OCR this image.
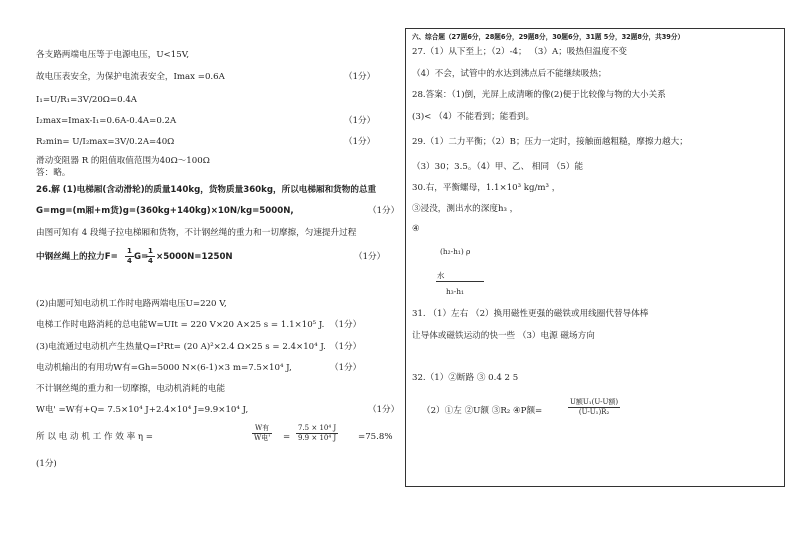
各支路两端电压等于电源电压，U<15V,
故电压表安全，为保护电流表安全，Imax =0.6A	（1分）
I₁=U/R₁=3V/20Ω=0.4A
I₂max=Imax-I₁=0.6A-0.4A=0.2A	（1分）
R₂min= U/I₂max=3V/0.2A=40Ω	（1分）
滑动变阻器 R 的阻值取值范围为40Ω～100Ω
答：略。
26.解 (1)电梯厢(含动滑轮)的质量140kg，货物质量360kg，所以电梯厢和货物的总重
G=mg=(m厢+m货)g=(360kg+140kg)×10N/kg=5000N,	（1分）
由图可知有 4 段绳子拉电梯厢和货物，不计钢丝绳的重力和一切摩擦，匀速提升过程
中钢丝绳上的拉力$F= \frac{1}{4} G=$
$\frac{1}{4} \times 5000N=1250N$	（1分）
(2)由题可知电动机工作时电路两端电压U=220 V,
电梯工作时电路消耗的总电能W=UIt = 220 V×20 A×25 s = 1.1×10⁵ J. （1分）
(3)电流通过电动机产生热量Q=I²Rt= (20 A)²×2.4 Ω×25 s = 2.4×10⁴ J. （1分）
电动机输出的有用功W有=Gh=5000 N×(6-1)×3 m=7.5×10⁴ J,	（1分）
不计钢丝绳的重力和一切摩擦，电动机消耗的电能
W电' =W有+Q= 7.5×10⁴ J+2.4×10⁴ J=9.9×10⁴ J,	（1分）
所 以 电 动 机 工 作 效 率 η =
W有
W电' = $\frac{\text{7.5 × 10⁴ J}}{\text{9.9 × 10⁴ J}} =75.8\%$
(1分)
六、综合题（27题6分，28题6分，29题8分，30题6分，31题 5分，32题8分，共39分）
27.（1）从下至上；（2）-4； （3）A；吸热但温度不变
（4）不会，试管中的水达到沸点后不能继续吸热；
28.答案：（1)倒，光屏上成清晰的像(2)便于比较像与物的大小关系
(3)< （4）不能看到；能看到。
29.（1）二力平衡；（2）B；压力一定时，接触面越粗糙，摩擦力越大；
（3）30；3.5。（4）甲、乙、 相同 （5）能
30.右，平衡螺母，1.1×10³ kg/m³ ，
③浸没，测出水的深度h₃ ，
④
(h₂-h₁) ρ
水
h₃-h₁
31. （1）左右 （2）换用磁性更强的磁铁或用线圈代替导体棒
让导体或磁铁运动的快一些 （3）电源 磁场方向
32.（1）②断路 ③ 0.4 2 5
（2）①左 ②U额 ③R₂ ④P额=
U额U₁(U-U额)
(U-U₁)R₂
